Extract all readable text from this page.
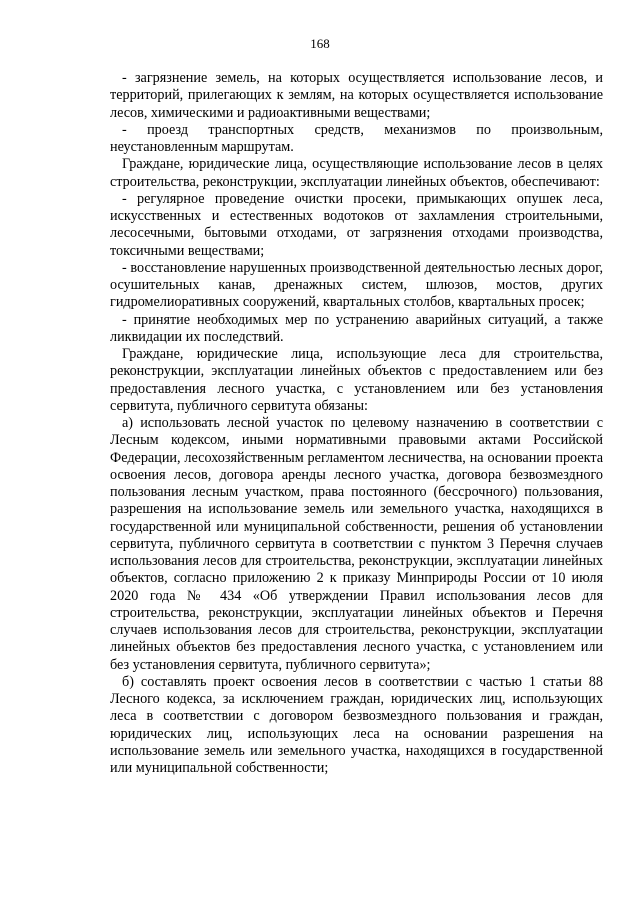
168

- загрязнение земель, на которых осуществляется использование лесов, и территорий, прилегающих к землям, на которых осуществляется использование лесов, химическими и радиоактивными веществами;

- проезд транспортных средств, механизмов по произвольным, неустановленным маршрутам.

Граждане, юридические лица, осуществляющие использование лесов в целях строительства, реконструкции, эксплуатации линейных объектов, обеспечивают:

- регулярное проведение очистки просеки, примыкающих опушек леса, искусственных и естественных водотоков от захламления строительными, лесосечными, бытовыми отходами, от загрязнения отходами производства, токсичными веществами;

- восстановление нарушенных производственной деятельностью лесных дорог, осушительных канав, дренажных систем, шлюзов, мостов, других гидромелиоративных сооружений, квартальных столбов, квартальных просек;

- принятие необходимых мер по устранению аварийных ситуаций, а также ликвидации их последствий.

Граждане, юридические лица, использующие леса для строительства, реконструкции, эксплуатации линейных объектов с предоставлением или без предоставления лесного участка, с установлением или без установления сервитута, публичного сервитута обязаны:

а) использовать лесной участок по целевому назначению в соответствии с Лесным кодексом, иными нормативными правовыми актами Российской Федерации, лесохозяйственным регламентом лесничества, на основании проекта освоения лесов, договора аренды лесного участка, договора безвозмездного пользования лесным участком, права постоянного (бессрочного) пользования, разрешения на использование земель или земельного участка, находящихся в государственной или муниципальной собственности, решения об установлении сервитута, публичного сервитута в соответствии с пунктом 3 Перечня случаев использования лесов для строительства, реконструкции, эксплуатации линейных объектов, согласно приложению 2 к приказу Минприроды России от 10 июля 2020 года № 434 «Об утверждении Правил использования лесов для строительства, реконструкции, эксплуатации линейных объектов и Перечня случаев использования лесов для строительства, реконструкции, эксплуатации линейных объектов без предоставления лесного участка, с установлением или без установления сервитута, публичного сервитута»;

б) составлять проект освоения лесов в соответствии с частью 1 статьи 88 Лесного кодекса, за исключением граждан, юридических лиц, использующих леса в соответствии с договором безвозмездного пользования и граждан, юридических лиц, использующих леса на основании разрешения на использование земель или земельного участка, находящихся в государственной или муниципальной собственности;
